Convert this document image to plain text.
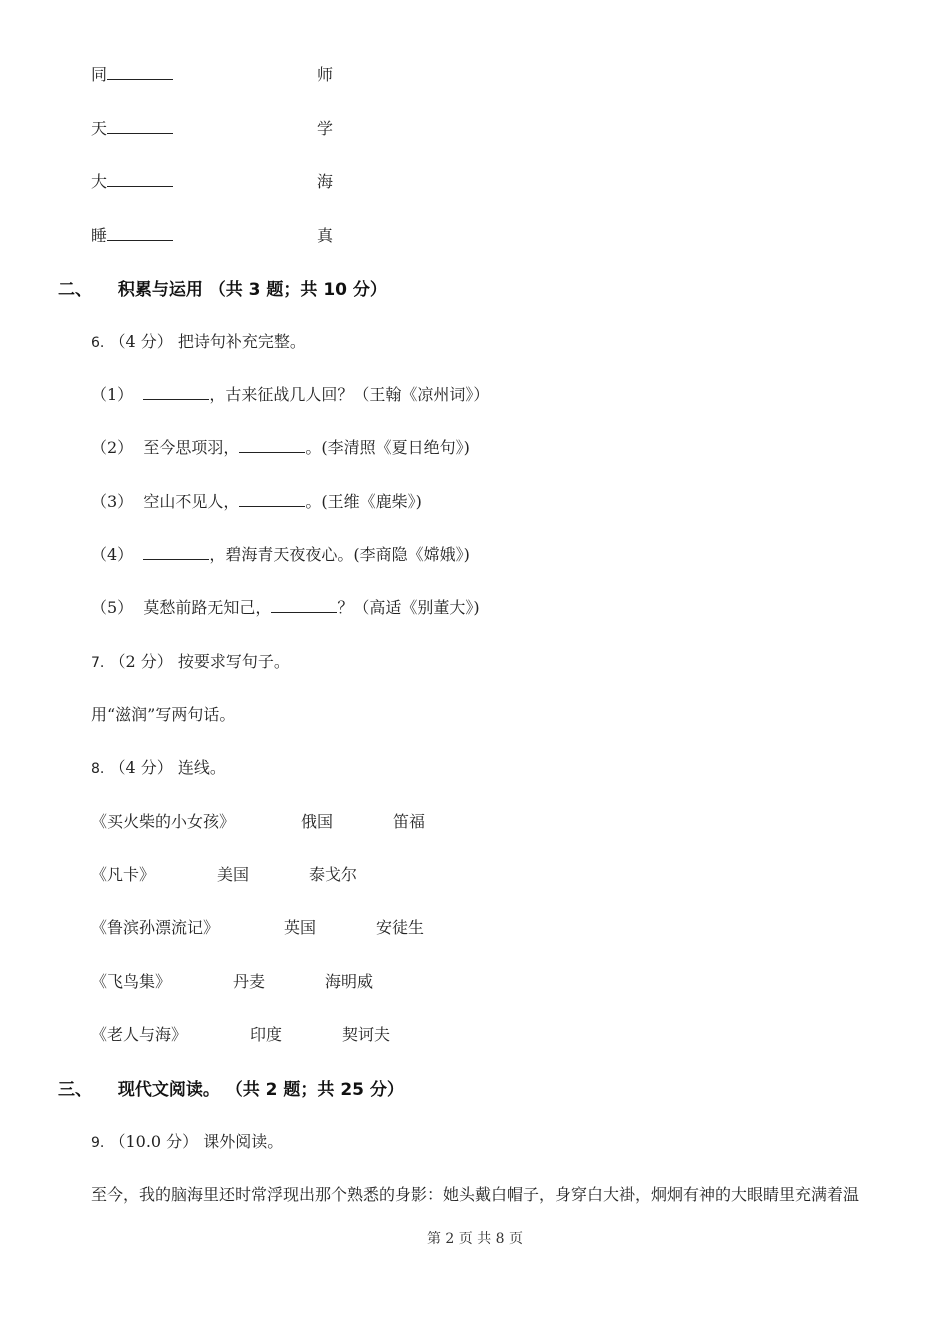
同	师
天	学
大	海
睡	真
二、 积累与运用 （共 3 题；共 10 分）
6. （4 分） 把诗句补充完整。
（1）	，古来征战几人回？（王翰《凉州词》）
（2） 至今思项羽，	。(李清照《夏日绝句》)
（3） 空山不见人，	。(王维《鹿柴》)
（4）	，碧海青天夜夜心。(李商隐《嫦娥》)
（5） 莫愁前路无知己，	？（高适《别董大》)
7. （2 分） 按要求写句子。
用“滋润”写两句话。
8. （4 分） 连线。
《买火柴的小女孩》	俄国	笛福
《凡卡》	美国	泰戈尔
《鲁滨孙漂流记》	英国	安徒生
《飞鸟集》	丹麦	海明威
《老人与海》	印度	契诃夫
三、 现代文阅读。 （共 2 题；共 25 分）
9. （10.0 分） 课外阅读。
至今，我的脑海里还时常浮现出那个熟悉的身影：她头戴白帽子，身穿白大褂，炯炯有神的大眼睛里充满着温
第 2 页 共 8 页
